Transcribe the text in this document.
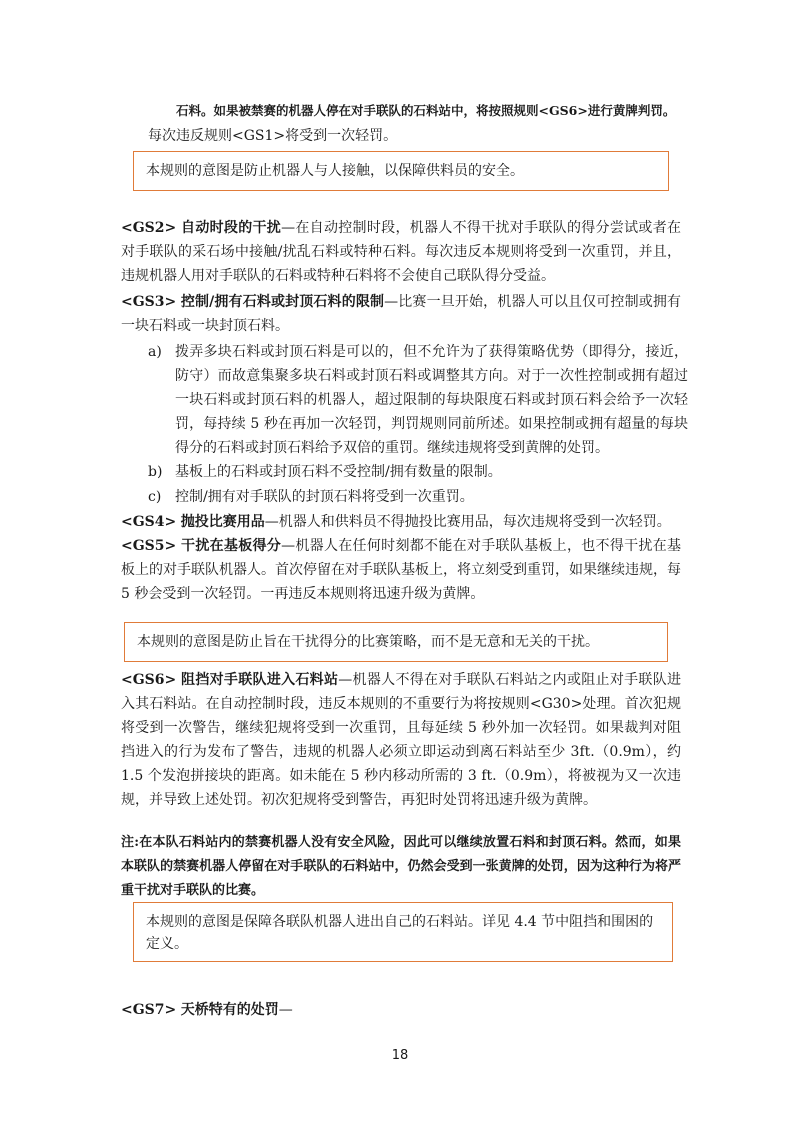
石料。如果被禁赛的机器人停在对手联队的石料站中，将按照规则<GS6>进行黄牌判罚。

每次违反规则<GS1>将受到一次轻罚。

本规则的意图是防止机器人与人接触，以保障供料员的安全。

<GS2> 自动时段的干扰—在自动控制时段，机器人不得干扰对手联队的得分尝试或者在对手联队的采石场中接触/扰乱石料或特种石料。每次违反本规则将受到一次重罚，并且，违规机器人用对手联队的石料或特种石料将不会使自己联队得分受益。

<GS3> 控制/拥有石料或封顶石料的限制—比赛一旦开始，机器人可以且仅可控制或拥有一块石料或一块封顶石料。

a) 拨弄多块石料或封顶石料是可以的，但不允许为了获得策略优势（即得分，接近，防守）而故意集聚多块石料或封顶石料或调整其方向。对于一次性控制或拥有超过一块石料或封顶石料的机器人，超过限制的每块限度石料或封顶石料会给予一次轻罚，每持续 5 秒在再加一次轻罚，判罚规则同前所述。如果控制或拥有超量的每块得分的石料或封顶石料给予双倍的重罚。继续违规将受到黄牌的处罚。
b) 基板上的石料或封顶石料不受控制/拥有数量的限制。
c) 控制/拥有对手联队的封顶石料将受到一次重罚。

<GS4> 抛投比赛用品—机器人和供料员不得抛投比赛用品，每次违规将受到一次轻罚。

<GS5> 干扰在基板得分—机器人在任何时刻都不能在对手联队基板上，也不得干扰在基板上的对手联队机器人。首次停留在对手联队基板上，将立刻受到重罚，如果继续违规，每 5 秒会受到一次轻罚。一再违反本规则将迅速升级为黄牌。

本规则的意图是防止旨在干扰得分的比赛策略，而不是无意和无关的干扰。

<GS6> 阻挡对手联队进入石料站—机器人不得在对手联队石料站之内或阻止对手联队进入其石料站。在自动控制时段，违反本规则的不重要行为将按规则<G30>处理。首次犯规将受到一次警告，继续犯规将受到一次重罚，且每延续 5 秒外加一次轻罚。如果裁判对阻挡进入的行为发布了警告，违规的机器人必须立即运动到离石料站至少 3ft.（0.9m），约 1.5 个发泡拼接块的距离。如未能在 5 秒内移动所需的 3 ft.（0.9m），将被视为又一次违规，并导致上述处罚。初次犯规将受到警告，再犯时处罚将迅速升级为黄牌。

注:在本队石料站内的禁赛机器人没有安全风险，因此可以继续放置石料和封顶石料。然而，如果本联队的禁赛机器人停留在对手联队的石料站中，仍然会受到一张黄牌的处罚，因为这种行为将严重干扰对手联队的比赛。

本规则的意图是保障各联队机器人进出自己的石料站。详见 4.4 节中阻挡和围困的定义。

<GS7> 天桥特有的处罚—

18
